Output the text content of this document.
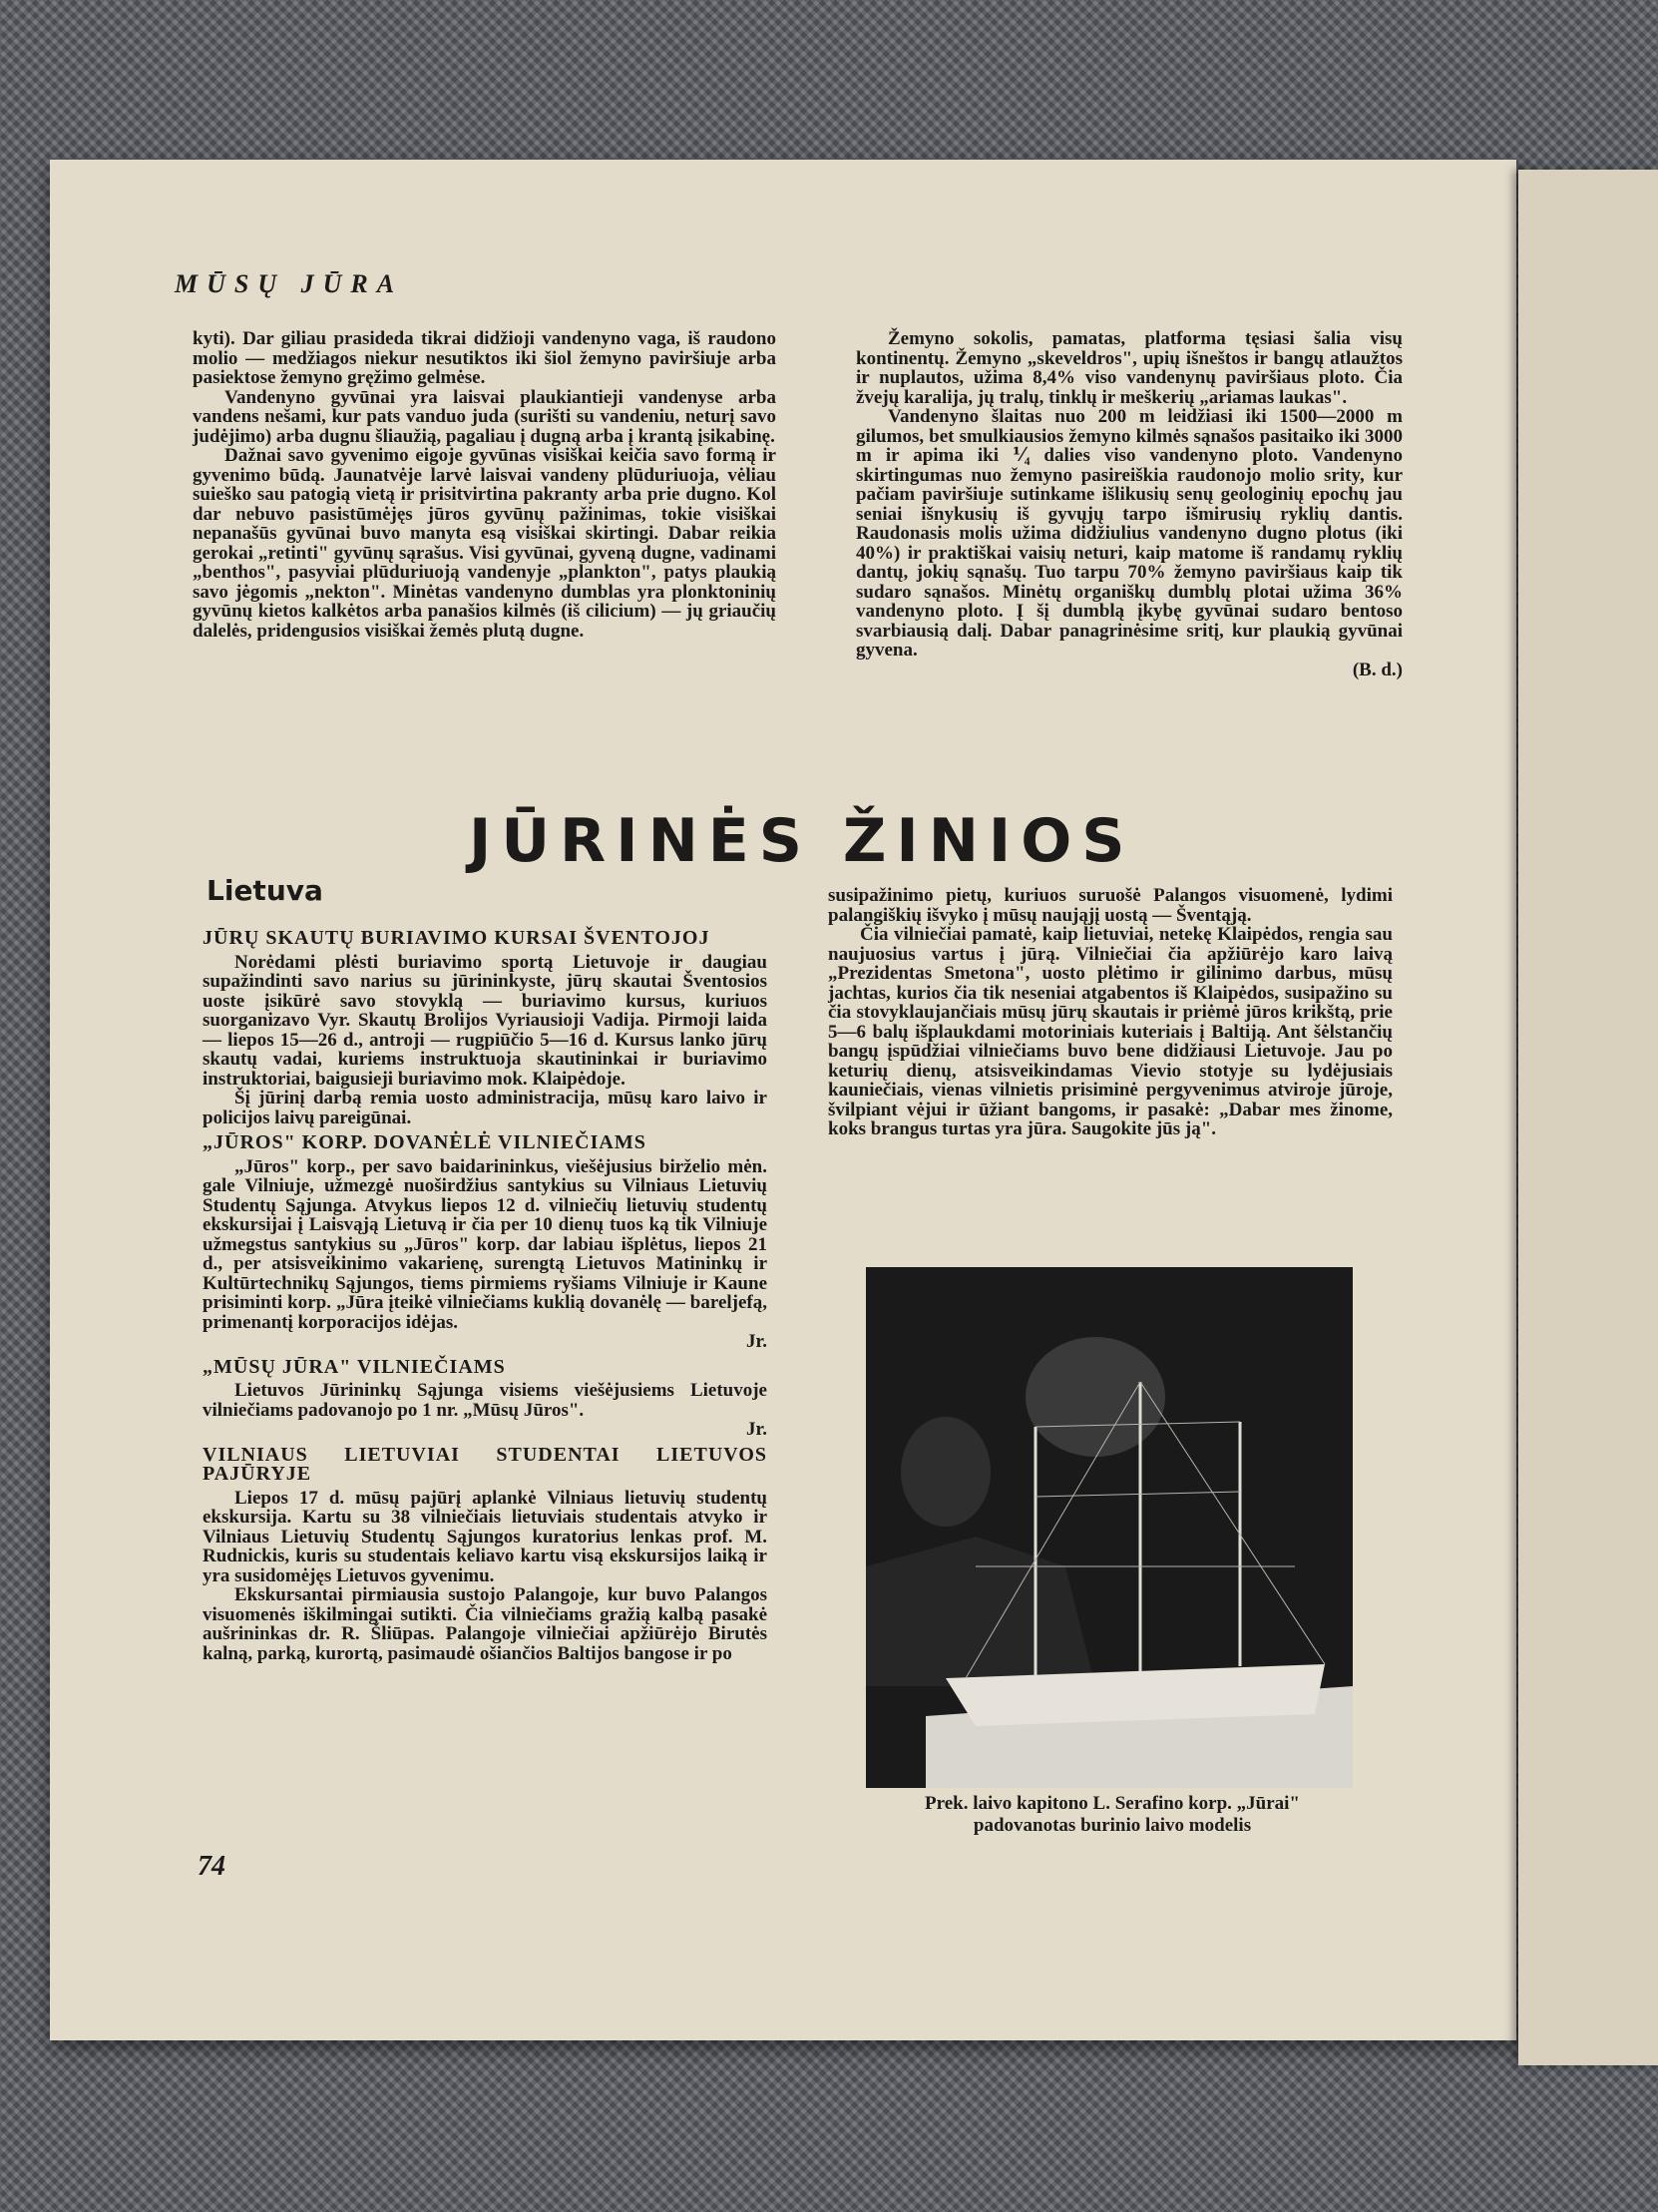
MŪSŲ JŪRA

kyti). Dar giliau prasideda tikrai didžioji vandenyno vaga, iš raudono molio — medžiagos niekur nesutiktos iki šiol žemyno paviršiuje arba pasiektose žemyno gręžimo gelmėse.

Vandenyno gyvūnai yra laisvai plaukiantieji vandenyse arba vandens nešami, kur pats vanduo juda (surišti su vandeniu, neturį savo judėjimo) arba dugnu šliaužią, pagaliau į dugną arba į krantą įsikabinę.

Dažnai savo gyvenimo eigoje gyvūnas visiškai keičia savo formą ir gyvenimo būdą. Jaunatvėje larvė laisvai vandeny plūduriuoja, vėliau suieško sau patogią vietą ir prisitvirtina pakranty arba prie dugno. Kol dar nebuvo pasistūmėjęs jūros gyvūnų pažinimas, tokie visiškai nepanašūs gyvūnai buvo manyta esą visiškai skirtingi. Dabar reikia gerokai „retinti" gyvūnų sąrašus. Visi gyvūnai, gyveną dugne, vadinami „benthos", pasyviai plūduriuoją vandenyje „plankton", patys plaukią savo jėgomis „nekton". Minėtas vandenyno dumblas yra plonktoninių gyvūnų kietos kalkėtos arba panašios kilmės (iš cilicium) — jų griaučių dalelės, pridengusios visiškai žemės plutą dugne.

Žemyno sokolis, pamatas, platforma tęsiasi šalia visų kontinentų. Žemyno „skeveldros", upių išneštos ir bangų atlaužtos ir nuplautos, užima 8,4% viso vandenynų paviršiaus ploto. Čia žvejų karalija, jų tralų, tinklų ir meškerių „ariamas laukas".

Vandenyno šlaitas nuo 200 m leidžiasi iki 1500—2000 m gilumos, bet smulkiausios žemyno kilmės sąnašos pasitaiko iki 3000 m ir apima iki ⅟₄ dalies viso vandenyno ploto. Vandenyno skirtingumas nuo žemyno pasireiškia raudonojo molio srity, kur pačiam paviršiuje sutinkame išlikusių senų geologinių epochų jau seniai išnykusių iš gyvųjų tarpo išmirusių ryklių dantis. Raudonasis molis užima didžiulius vandenyno dugno plotus (iki 40%) ir praktiškai vaisių neturi, kaip matome iš randamų ryklių dantų, jokių sąnašų. Tuo tarpu 70% žemyno paviršiaus kaip tik sudaro sąnašos. Minėtų organiškų dumblų plotai užima 36% vandenyno ploto. Į šį dumblą įkybę gyvūnai sudaro bentoso svarbiausią dalį. Dabar panagrinėsime sritį, kur plaukią gyvūnai gyvena.

(B. d.)

JŪRINĖS ŽINIOS
Lietuva
JŪRŲ SKAUTŲ BURIAVIMO KURSAI ŠVENTOJOJ

Norėdami plėsti buriavimo sportą Lietuvoje ir daugiau supažindinti savo narius su jūrininkyste, jūrų skautai Šventosios uoste įsikūrė savo stovyklą — buriavimo kursus, kuriuos suorganizavo Vyr. Skautų Brolijos Vyriausioji Vadija. Pirmoji laida — liepos 15—26 d., antroji — rugpiūčio 5—16 d. Kursus lanko jūrų skautų vadai, kuriems instruktuoja skautininkai ir buriavimo instruktoriai, baigusieji buriavimo mok. Klaipėdoje.

Šį jūrinį darbą remia uosto administracija, mūsų karo laivo ir policijos laivų pareigūnai.

„JŪROS" KORP. DOVANĖLĖ VILNIEČIAMS

„Jūros" korp., per savo baidarininkus, viešėjusius birželio mėn. gale Vilniuje, užmezgė nuoširdžius santykius su Vilniaus Lietuvių Studentų Sąjunga. Atvykus liepos 12 d. vilniečių lietuvių studentų ekskursijai į Laisvąją Lietuvą ir čia per 10 dienų tuos ką tik Vilniuje užmegstus santykius su „Jūros" korp. dar labiau išplėtus, liepos 21 d., per atsisveikinimo vakarienę, surengtą Lietuvos Matininkų ir Kultūrtechnikų Sąjungos, tiems pirmiems ryšiams Vilniuje ir Kaune prisiminti korp. „Jūra įteikė vilniečiams kuklią dovanėlę — bareljefą, primenantį korporacijos idėjas.

Jr.

„MŪSŲ JŪRA" VILNIEČIAMS

Lietuvos Jūrininkų Sąjunga visiems viešėjusiems Lietuvoje vilniečiams padovanojo po 1 nr. „Mūsų Jūros".

Jr.

VILNIAUS LIETUVIAI STUDENTAI LIETUVOS PAJŪRYJE

Liepos 17 d. mūsų pajūrį aplankė Vilniaus lietuvių studentų ekskursija. Kartu su 38 vilniečiais lietuviais studentais atvyko ir Vilniaus Lietuvių Studentų Sąjungos kuratorius lenkas prof. M. Rudnickis, kuris su studentais keliavo kartu visą ekskursijos laiką ir yra susidomėjęs Lietuvos gyvenimu.

Ekskursantai pirmiausia sustojo Palangoje, kur buvo Palangos visuomenės iškilmingai sutikti. Čia vilniečiams gražią kalbą pasakė aušrininkas dr. R. Šliūpas. Palangoje vilniečiai apžiūrėjo Birutės kalną, parką, kurortą, pasimaudė ošiančios Baltijos bangose ir po

susipažinimo pietų, kuriuos suruošė Palangos visuomenė, lydimi palangiškių išvyko į mūsų naująjį uostą — Šventąją.

Čia vilniečiai pamatė, kaip lietuviai, netekę Klaipėdos, rengia sau naujuosius vartus į jūrą. Vilniečiai čia apžiūrėjo karo laivą „Prezidentas Smetona", uosto plėtimo ir gilinimo darbus, mūsų jachtas, kurios čia tik neseniai atgabentos iš Klaipėdos, susipažino su čia stovyklaujančiais mūsų jūrų skautais ir priėmė jūros krikštą, prie 5—6 balų išplaukdami motoriniais kuteriais į Baltiją. Ant šėlstančių bangų įspūdžiai vilniečiams buvo bene didžiausi Lietuvoje. Jau po keturių dienų, atsisveikindamas Vievio stotyje su lydėjusiais kauniečiais, vienas vilnietis prisiminė pergyvenimus atviroje jūroje, švilpiant vėjui ir ūžiant bangoms, ir pasakė: „Dabar mes žinome, koks brangus turtas yra jūra. Saugokite jūs ją".

Prek. laivo kapitono L. Serafino korp. „Jūrai"
padovanotas burinio laivo modelis
74
